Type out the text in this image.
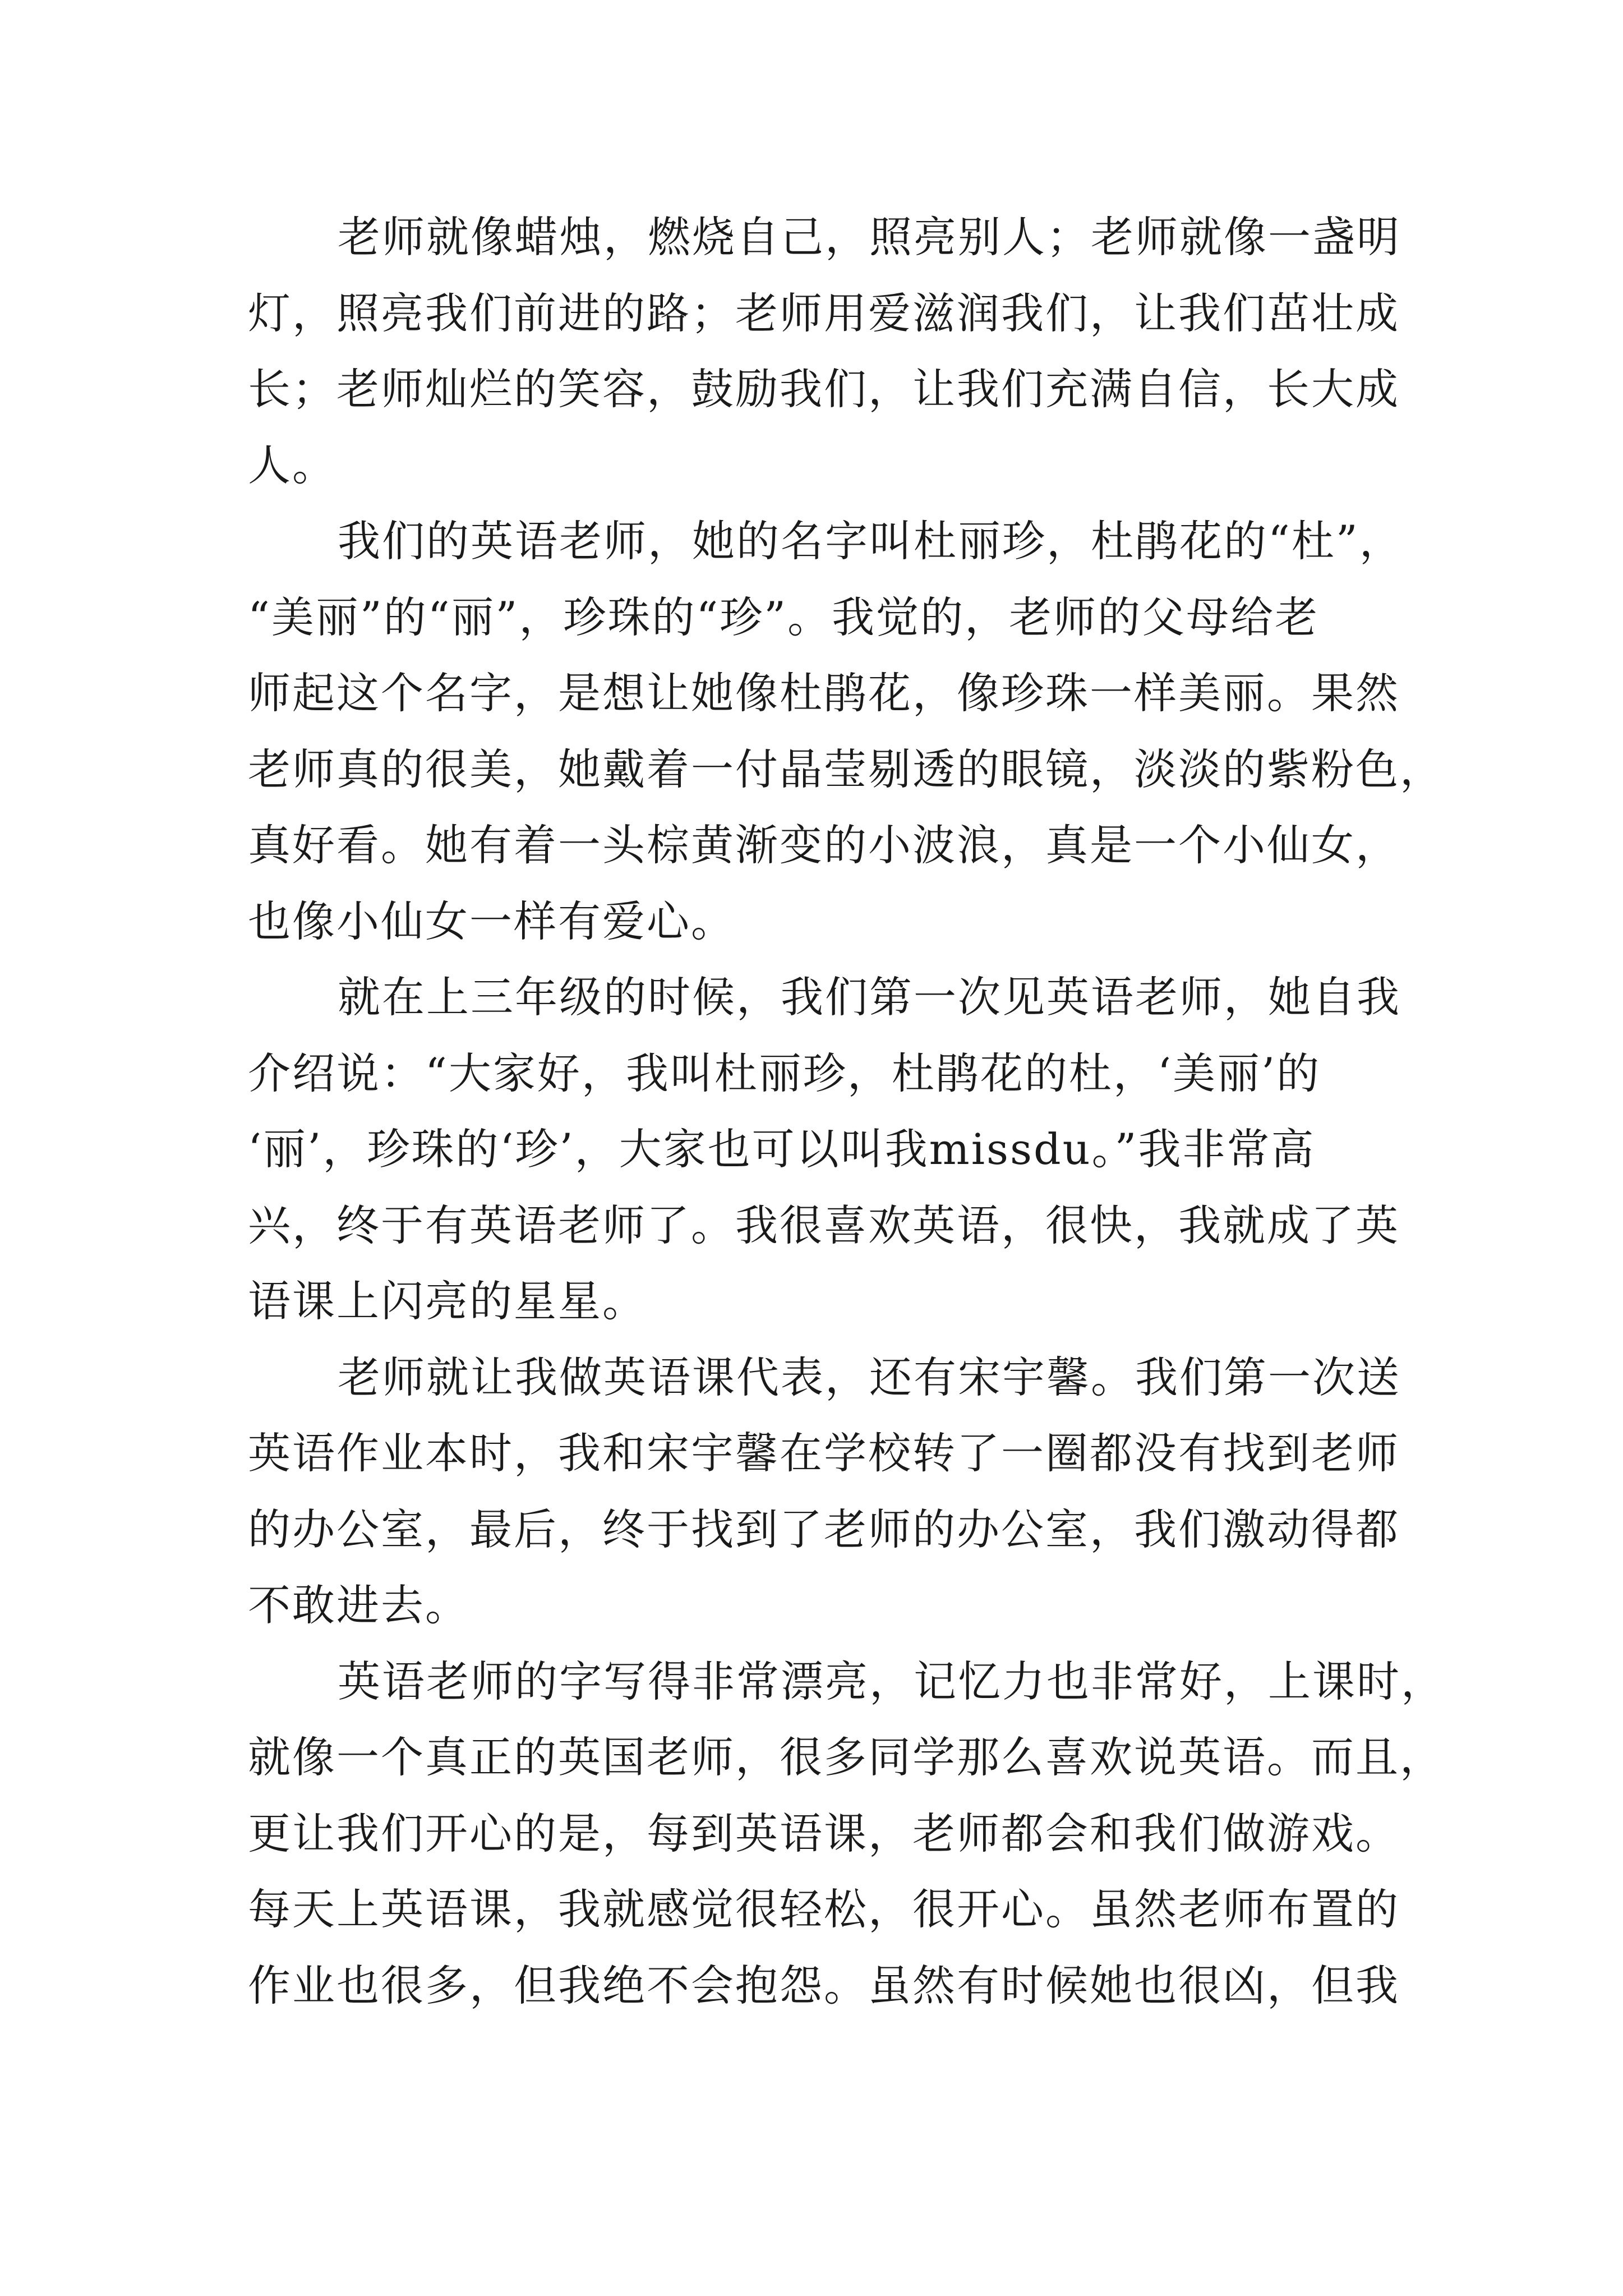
老师就像蜡烛，燃烧自己，照亮别人；老师就像一盏明
灯，照亮我们前进的路；老师用爱滋润我们，让我们茁壮成
长；老师灿烂的笑容，鼓励我们，让我们充满自信，长大成
人。
我们的英语老师，她的名字叫杜丽珍，杜鹃花的“杜”，
“美丽”的“丽”，珍珠的“珍”。我觉的，老师的父母给老
师起这个名字，是想让她像杜鹃花，像珍珠一样美丽。果然
老师真的很美，她戴着一付晶莹剔透的眼镜，淡淡的紫粉色，
真好看。她有着一头棕黄渐变的小波浪，真是一个小仙女，
也像小仙女一样有爱心。
就在上三年级的时候，我们第一次见英语老师，她自我
介绍说：“大家好，我叫杜丽珍，杜鹃花的杜，‘美丽’的
‘丽’，珍珠的‘珍’，大家也可以叫我missdu。”我非常高
兴，终于有英语老师了。我很喜欢英语，很快，我就成了英
语课上闪亮的星星。
老师就让我做英语课代表，还有宋宇馨。我们第一次送
英语作业本时，我和宋宇馨在学校转了一圈都没有找到老师
的办公室，最后，终于找到了老师的办公室，我们激动得都
不敢进去。
英语老师的字写得非常漂亮，记忆力也非常好，上课时，
就像一个真正的英国老师，很多同学那么喜欢说英语。而且，
更让我们开心的是，每到英语课，老师都会和我们做游戏。
每天上英语课，我就感觉很轻松，很开心。虽然老师布置的
作业也很多，但我绝不会抱怨。虽然有时候她也很凶，但我
